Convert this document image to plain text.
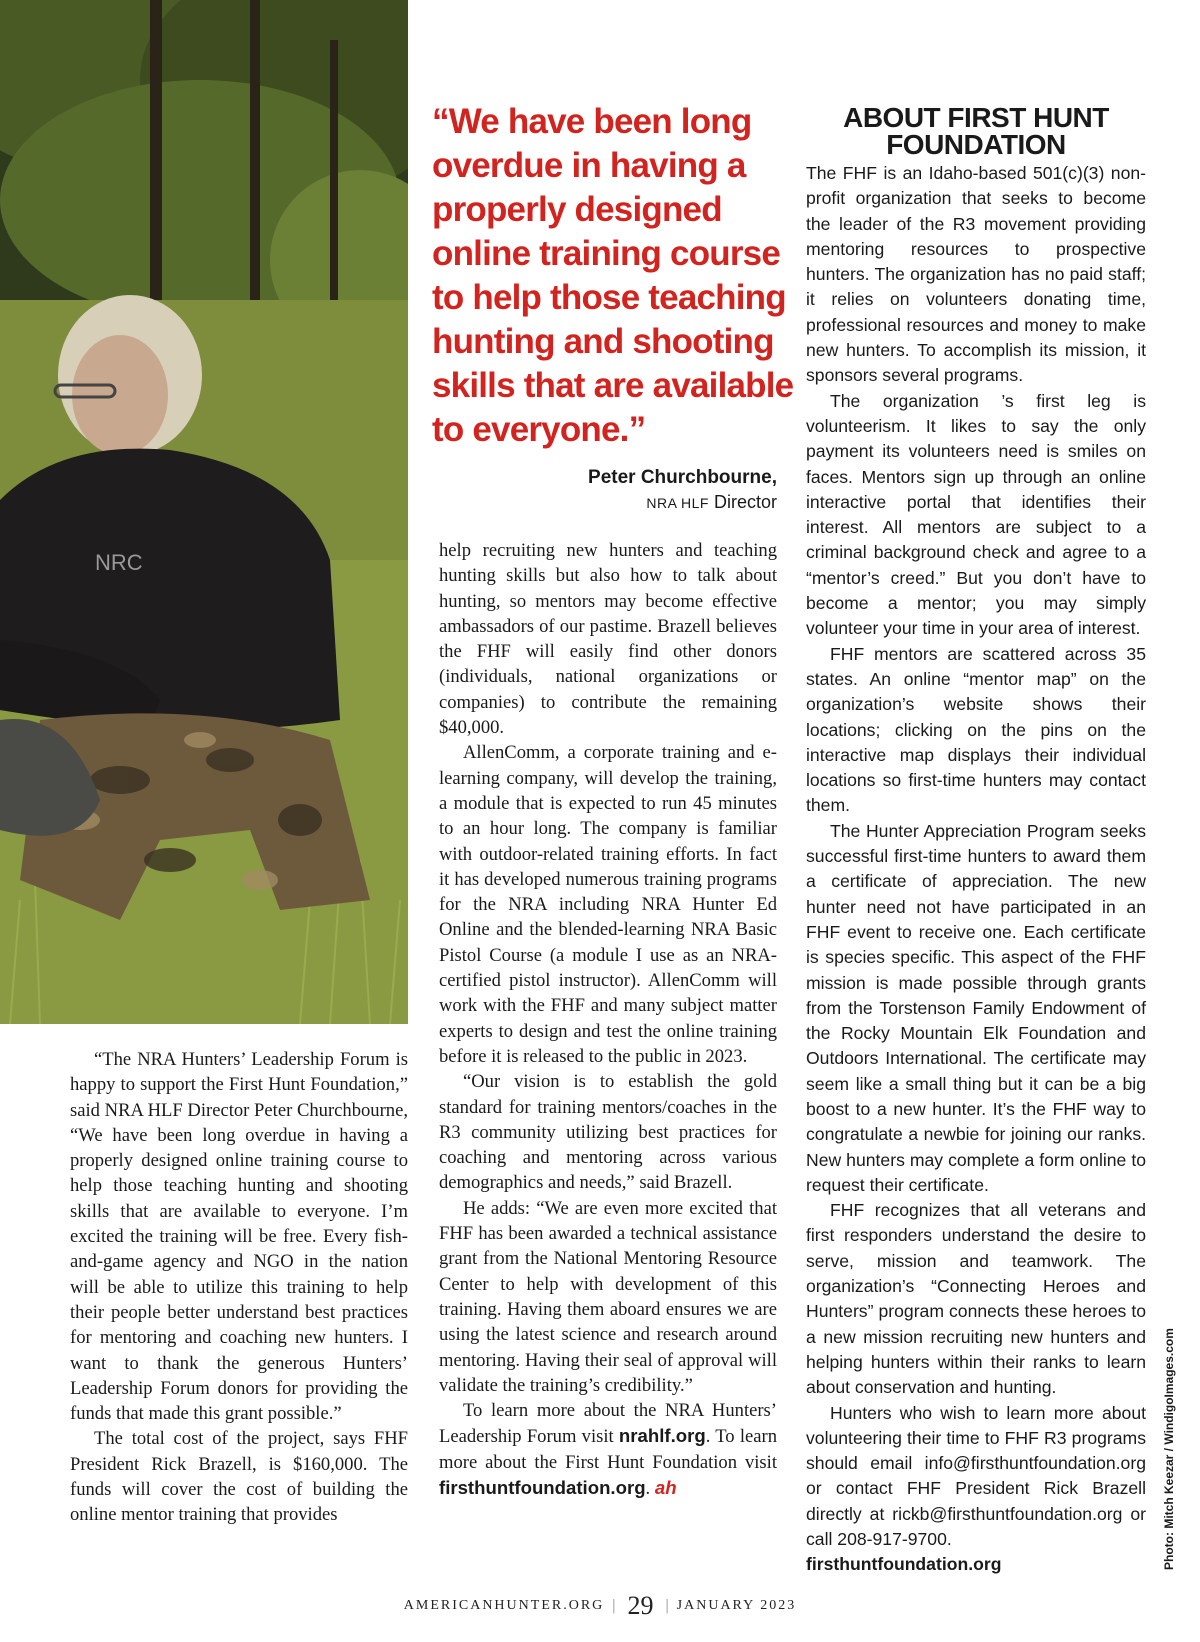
NRC
“We have been long overdue in having a properly designed online training course to help those teaching hunting and shooting skills that are available to everyone.”
Peter Churchbourne,
NRA HLF Director
ABOUT FIRST HUNT FOUNDATION

“The NRA Hunters’ Leadership Forum is happy to support the First Hunt Foundation,” said NRA HLF Director Peter Churchbourne, “We have been long overdue in having a properly designed online training course to help those teaching hunting and shooting skills that are available to everyone. I’m excited the training will be free. Every fish-and-game agency and NGO in the nation will be able to utilize this training to help their people better understand best practices for mentoring and coaching new hunters. I want to thank the generous Hunters’ Leadership Forum donors for providing the funds that made this grant possible.”

The total cost of the project, says FHF President Rick Brazell, is $160,000. The funds will cover the cost of building the online mentor training that provides

help recruiting new hunters and teaching hunting skills but also how to talk about hunting, so mentors may become effective ambassadors of our pastime. Brazell believes the FHF will easily find other donors (individuals, national organizations or companies) to contribute the remaining $40,000.

AllenComm, a corporate training and e-learning company, will develop the training, a module that is expected to run 45 minutes to an hour long. The company is familiar with outdoor-related training efforts. In fact it has developed numerous training programs for the NRA including NRA Hunter Ed Online and the blended-learning NRA Basic Pistol Course (a module I use as an NRA-certified pistol instructor). AllenComm will work with the FHF and many subject matter experts to design and test the online training before it is released to the public in 2023.

“Our vision is to establish the gold standard for training mentors/coaches in the R3 community utilizing best practices for coaching and mentoring across various demographics and needs,” said Brazell.

He adds: “We are even more excited that FHF has been awarded a technical assistance grant from the National Mentoring Resource Center to help with development of this training. Having them aboard ensures we are using the latest science and research around mentoring. Having their seal of approval will validate the training’s credibility.”

To learn more about the NRA Hunters’ Leadership Forum visit nrahlf.org. To learn more about the First Hunt Foundation visit firsthuntfoundation.org. ah

The FHF is an Idaho-based 501(c)(3) non-profit organization that seeks to become the leader of the R3 movement providing mentoring resources to prospective hunters. The organization has no paid staff; it relies on volunteers donating time, professional resources and money to make new hunters. To accomplish its mission, it sponsors several programs.

The organization ’s first leg is volunteerism. It likes to say the only payment its volunteers need is smiles on faces. Mentors sign up through an online interactive portal that identifies their interest. All mentors are subject to a criminal background check and agree to a “mentor’s creed.” But you don’t have to become a mentor; you may simply volunteer your time in your area of interest.

FHF mentors are scattered across 35 states. An online “mentor map” on the organization’s website shows their locations; clicking on the pins on the interactive map displays their individual locations so first-time hunters may contact them.

The Hunter Appreciation Program seeks successful first-time hunters to award them a certificate of appreciation. The new hunter need not have participated in an FHF event to receive one. Each certificate is species specific. This aspect of the FHF mission is made possible through grants from the Torstenson Family Endowment of the Rocky Mountain Elk Foundation and Outdoors International. The certificate may seem like a small thing but it can be a big boost to a new hunter. It’s the FHF way to congratulate a newbie for joining our ranks. New hunters may complete a form online to request their certificate.

FHF recognizes that all veterans and first responders understand the desire to serve, mission and teamwork. The organization’s “Connecting Heroes and Hunters” program connects these heroes to a new mission recruiting new hunters and helping hunters within their ranks to learn about conservation and hunting.

Hunters who wish to learn more about volunteering their time to FHF R3 programs should email info@firsthuntfoundation.org or contact FHF President Rick Brazell directly at rickb@firsthuntfoundation.org or call 208-917-9700.

firsthuntfoundation.org	Photo: Mitch Keezar / WindigoImages.com
AMERICANHUNTER.ORG | 29 | JANUARY 2023
